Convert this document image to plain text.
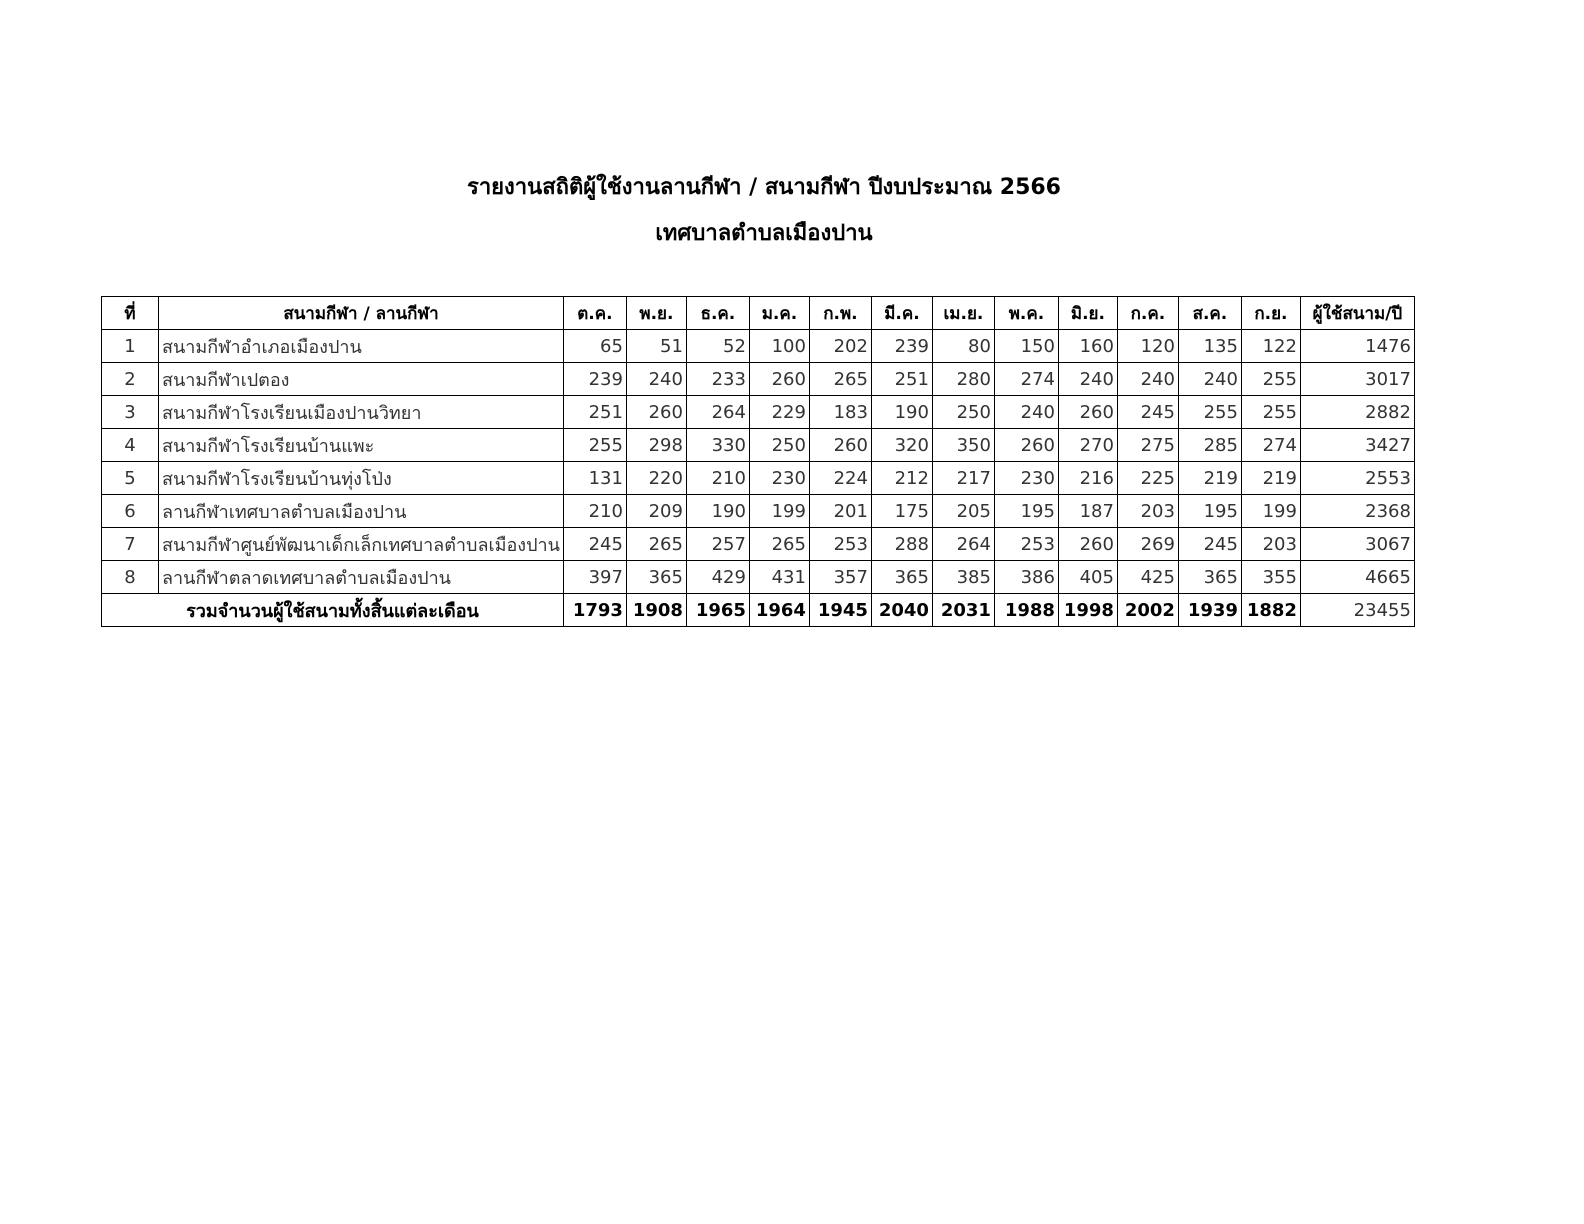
รายงานสถิติผู้ใช้งานลานกีฬา / สนามกีฬา ปีงบประมาณ 2566
เทศบาลตำบลเมืองปาน
ที่	สนามกีฬา / ลานกีฬา	ต.ค.	พ.ย.	ธ.ค.	ม.ค.	ก.พ.	มี.ค.	เม.ย.	พ.ค.	มิ.ย.	ก.ค.	ส.ค.	ก.ย.	ผู้ใช้สนาม/ปี
1	สนามกีฬาอำเภอเมืองปาน	65	51	52	100	202	239	80	150	160	120	135	122	1476
2	สนามกีฬาเปตอง	239	240	233	260	265	251	280	274	240	240	240	255	3017
3	สนามกีฬาโรงเรียนเมืองปานวิทยา	251	260	264	229	183	190	250	240	260	245	255	255	2882
4	สนามกีฬาโรงเรียนบ้านแพะ	255	298	330	250	260	320	350	260	270	275	285	274	3427
5	สนามกีฬาโรงเรียนบ้านทุ่งโป่ง	131	220	210	230	224	212	217	230	216	225	219	219	2553
6	ลานกีฬาเทศบาลตำบลเมืองปาน	210	209	190	199	201	175	205	195	187	203	195	199	2368
7	สนามกีฬาศูนย์พัฒนาเด็กเล็กเทศบาลตำบลเมืองปาน	245	265	257	265	253	288	264	253	260	269	245	203	3067
8	ลานกีฬาตลาดเทศบาลตำบลเมืองปาน	397	365	429	431	357	365	385	386	405	425	365	355	4665
รวมจำนวนผู้ใช้สนามทั้งสิ้นแต่ละเดือน		1793	1908	1965	1964	1945	2040	2031	1988	1998	2002	1939	1882	23455
